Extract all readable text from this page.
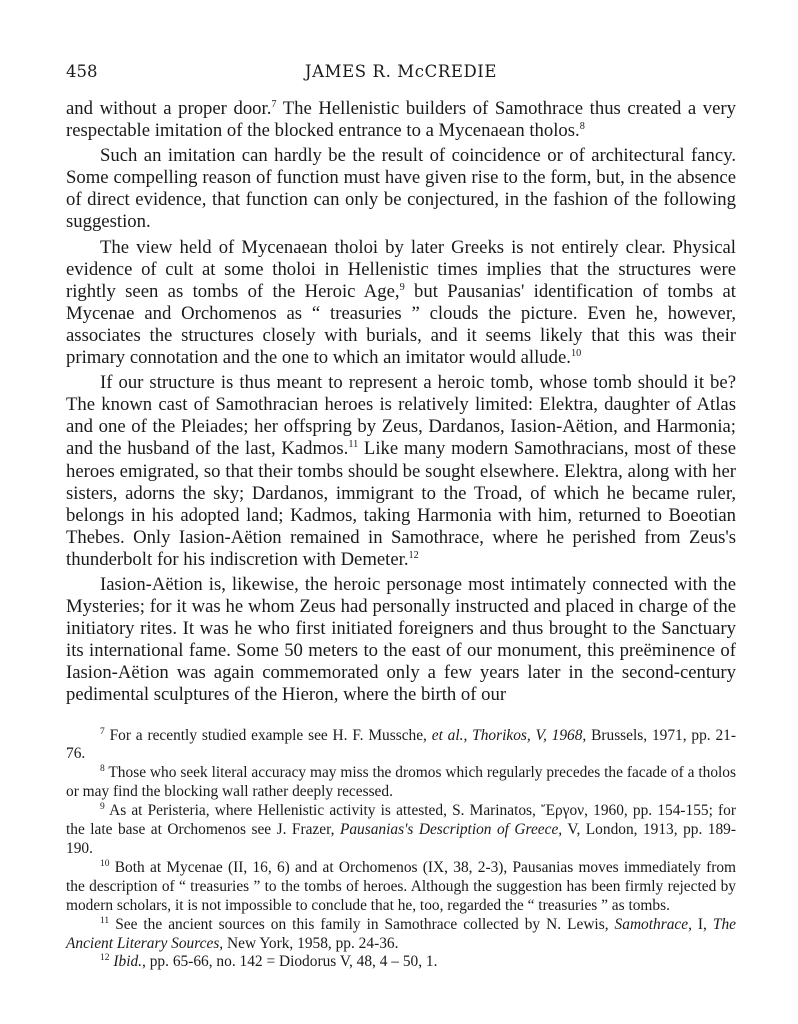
458	JAMES R. McCREDIE

and without a proper door.$^7$ The Hellenistic builders of Samothrace thus created a very respectable imitation of the blocked entrance to a Mycenaean tholos.$^8$

Such an imitation can hardly be the result of coincidence or of architectural fancy. Some compelling reason of function must have given rise to the form, but, in the absence of direct evidence, that function can only be conjectured, in the fashion of the following suggestion.

The view held of Mycenaean tholoi by later Greeks is not entirely clear. Physical evidence of cult at some tholoi in Hellenistic times implies that the structures were rightly seen as tombs of the Heroic Age,$^9$ but Pausanias' identification of tombs at Mycenae and Orchomenos as “ treasuries ” clouds the picture. Even he, however, associates the structures closely with burials, and it seems likely that this was their primary connotation and the one to which an imitator would allude.$^{10}$

If our structure is thus meant to represent a heroic tomb, whose tomb should it be? The known cast of Samothracian heroes is relatively limited: Elektra, daughter of Atlas and one of the Pleiades; her offspring by Zeus, Dardanos, Iasion-Aëtion, and Harmonia; and the husband of the last, Kadmos.$^{11}$ Like many modern Samothracians, most of these heroes emigrated, so that their tombs should be sought elsewhere. Elektra, along with her sisters, adorns the sky; Dardanos, immigrant to the Troad, of which he became ruler, belongs in his adopted land; Kadmos, taking Harmonia with him, returned to Boeotian Thebes. Only Iasion-Aëtion remained in Samothrace, where he perished from Zeus's thunderbolt for his indiscretion with Demeter.$^{12}$

Iasion-Aëtion is, likewise, the heroic personage most intimately connected with the Mysteries; for it was he whom Zeus had personally instructed and placed in charge of the initiatory rites. It was he who first initiated foreigners and thus brought to the Sanctuary its international fame. Some 50 meters to the east of our monument, this preëminence of Iasion-Aëtion was again commemorated only a few years later in the second-century pedimental sculptures of the Hieron, where the birth of our

$^7$ For a recently studied example see H. F. Mussche, et al., Thorikos, V, 1968, Brussels, 1971, pp. 21-76.

$^8$ Those who seek literal accuracy may miss the dromos which regularly precedes the facade of a tholos or may find the blocking wall rather deeply recessed.

$^9$ As at Peristeria, where Hellenistic activity is attested, S. Marinatos, Ἔργον, 1960, pp. 154-155; for the late base at Orchomenos see J. Frazer, Pausanias's Description of Greece, V, London, 1913, pp. 189-190.

$^{10}$ Both at Mycenae (II, 16, 6) and at Orchomenos (IX, 38, 2-3), Pausanias moves immediately from the description of “ treasuries ” to the tombs of heroes. Although the suggestion has been firmly rejected by modern scholars, it is not impossible to conclude that he, too, regarded the “ treasuries ” as tombs.

$^{11}$ See the ancient sources on this family in Samothrace collected by N. Lewis, Samothrace, I, The Ancient Literary Sources, New York, 1958, pp. 24-36.

$^{12}$ Ibid., pp. 65-66, no. 142 = Diodorus V, 48, 4 – 50, 1.
